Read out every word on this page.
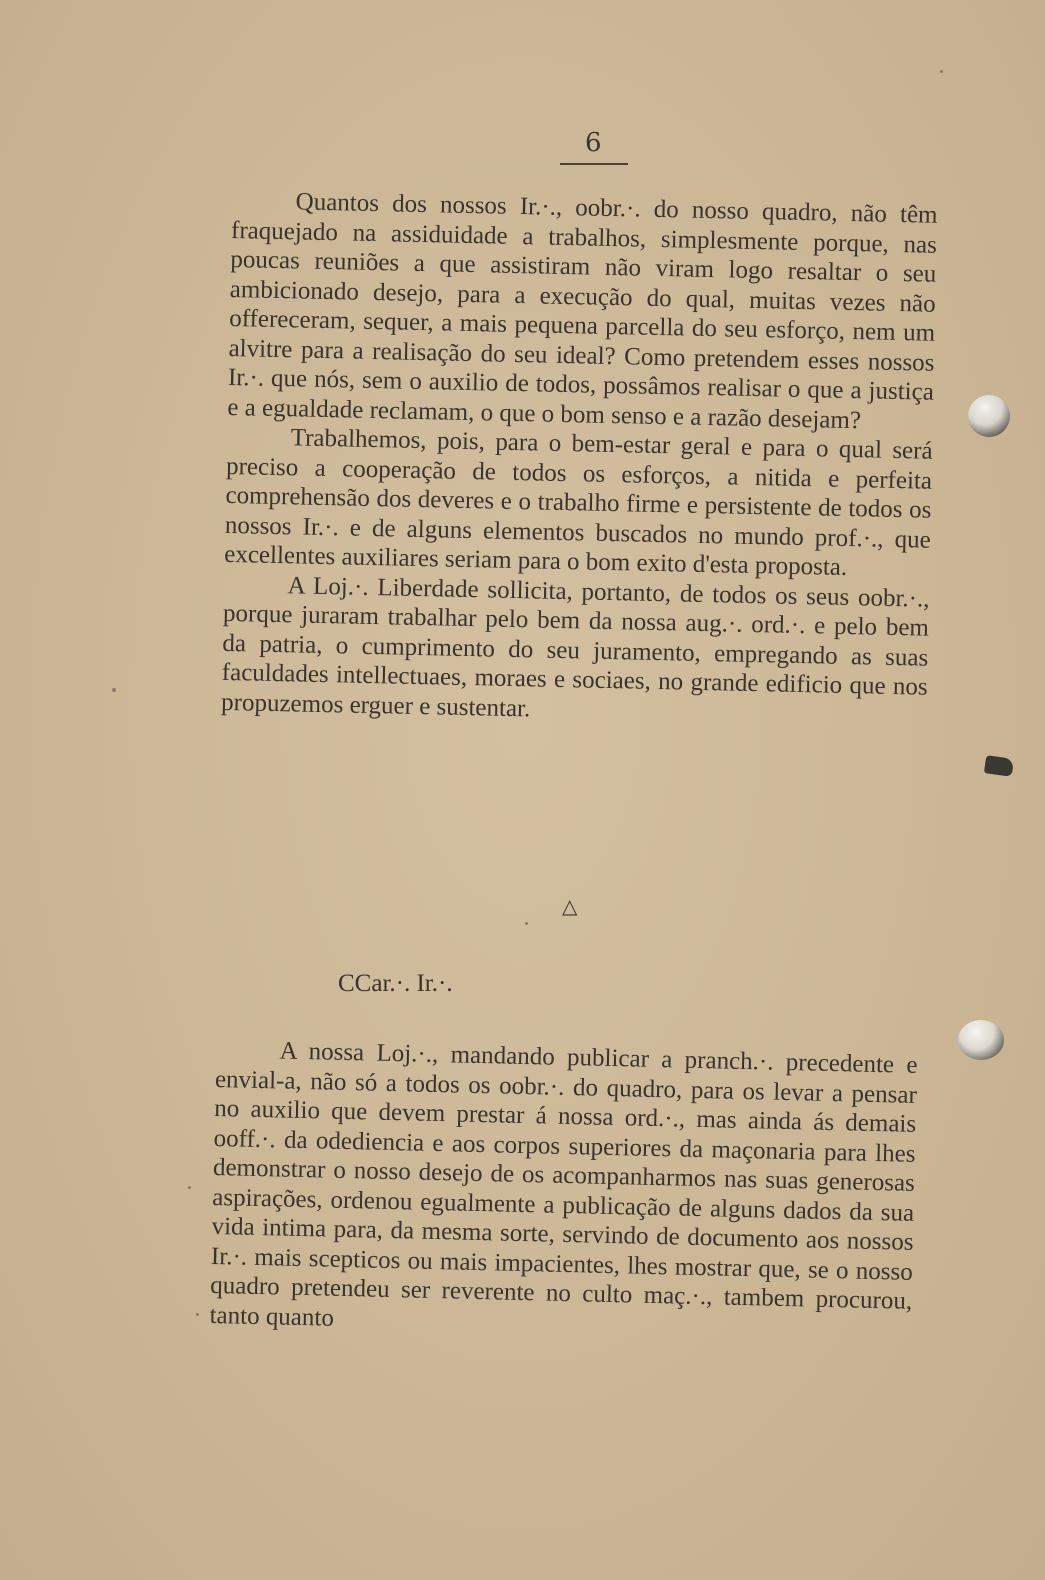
6

Quantos dos nossos Ir.·., oobr.·. do nosso quadro, não têm fraquejado na assiduidade a trabalhos, simplesmente porque, nas poucas reuniões a que assistiram não viram logo resaltar o seu ambicionado desejo, para a execução do qual, muitas vezes não offereceram, sequer, a mais pequena parcella do seu esforço, nem um alvitre para a realisação do seu ideal? Como pretendem esses nossos Ir.·. que nós, sem o auxilio de todos, possâmos realisar o que a justiça e a egualdade reclamam, o que o bom senso e a razão desejam?

Trabalhemos, pois, para o bem-estar geral e para o qual será preciso a cooperação de todos os esforços, a nitida e perfeita comprehensão dos deveres e o trabalho firme e persistente de todos os nossos Ir.·. e de alguns elementos buscados no mundo prof.·., que excellentes auxiliares seriam para o bom exito d'esta proposta.

A Loj.·. Liberdade sollicita, portanto, de todos os seus oobr.·., porque juraram trabalhar pelo bem da nossa aug.·. ord.·. e pelo bem da patria, o cumprimento do seu juramento, empregando as suas faculdades intellectuaes, moraes e sociaes, no grande edificio que nos propuzemos erguer e sustentar.

△
CCar.·. Ir.·.

A nossa Loj.·., mandando publicar a pranch.·. precedente e envial-a, não só a todos os oobr.·. do quadro, para os levar a pensar no auxilio que devem prestar á nossa ord.·., mas ainda ás demais ooff.·. da odediencia e aos corpos superiores da maçonaria para lhes demonstrar o nosso desejo de os acompanharmos nas suas generosas aspirações, ordenou egualmente a publicação de alguns dados da sua vida intima para, da mesma sorte, servindo de documento aos nossos Ir.·. mais scepticos ou mais impacientes, lhes mostrar que, se o nosso quadro pretendeu ser reverente no culto maç.·., tambem procurou, tanto quanto
